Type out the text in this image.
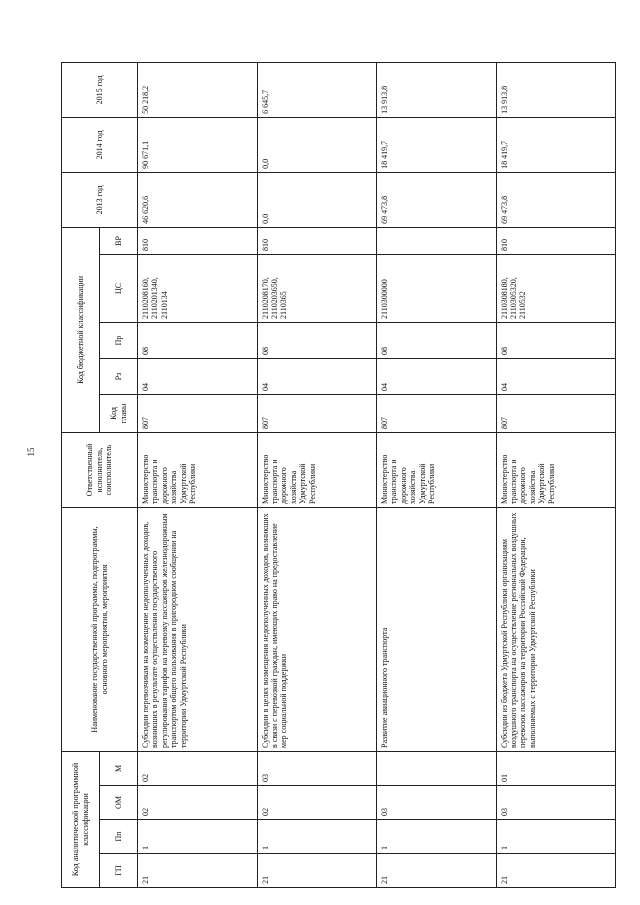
15
Код аналитической программной классификации				Наименование государственной программы, подпрограммы, основного мероприятия, мероприятия	Ответственный исполнитель, соисполнитель	Код бюджетной классификации					2013 год	2014 год	2015 год
ГП	Пп	ОМ	М			Код главы	Рз	Пр	ЦС	ВР			
21	1	02	02	Субсидии перевозчикам на возмещение недополученных доходов, возникших в результате осуществления государственного регулирования тарифов на перевозку пассажиров железнодорожным транспортом общего пользования в пригородном сообщении на территории Удмуртской Республики	Министерство транспорта и дорожного хозяйства Удмуртской Республики	807	04	08	2110208160, 2110201340, 2110134	810	46 620,6	90 671,1	50 218,2
21	1	02	03	Субсидии в целях возмещения недополученных доходов, возникших в связи с перевозкой граждан, имеющих право на предоставление мер социальной поддержки	Министерство транспорта и дорожного хозяйства Удмуртской Республики	807	04	08	2110208170, 2110203650, 2110365	810	0,0	0,0	6 645,7
21	1	03		Развитие авиационного транспорта	Министерство транспорта и дорожного хозяйства Удмуртской Республики	807	04	08	2110300000		69 473,8	18 419,7	13 913,8
21	1	03	01	Субсидии из бюджета Удмуртской Республики организациям воздушного транспорта на осуществление региональных воздушных перевозок пассажиров на территории Российской Федерации, выполняемых с территории Удмуртской Республики	Министерство транспорта и дорожного хозяйства Удмуртской Республики	807	04	08	2110308180, 2110305320, 2110532	810	69 473,8	18 419,7	13 913,8
